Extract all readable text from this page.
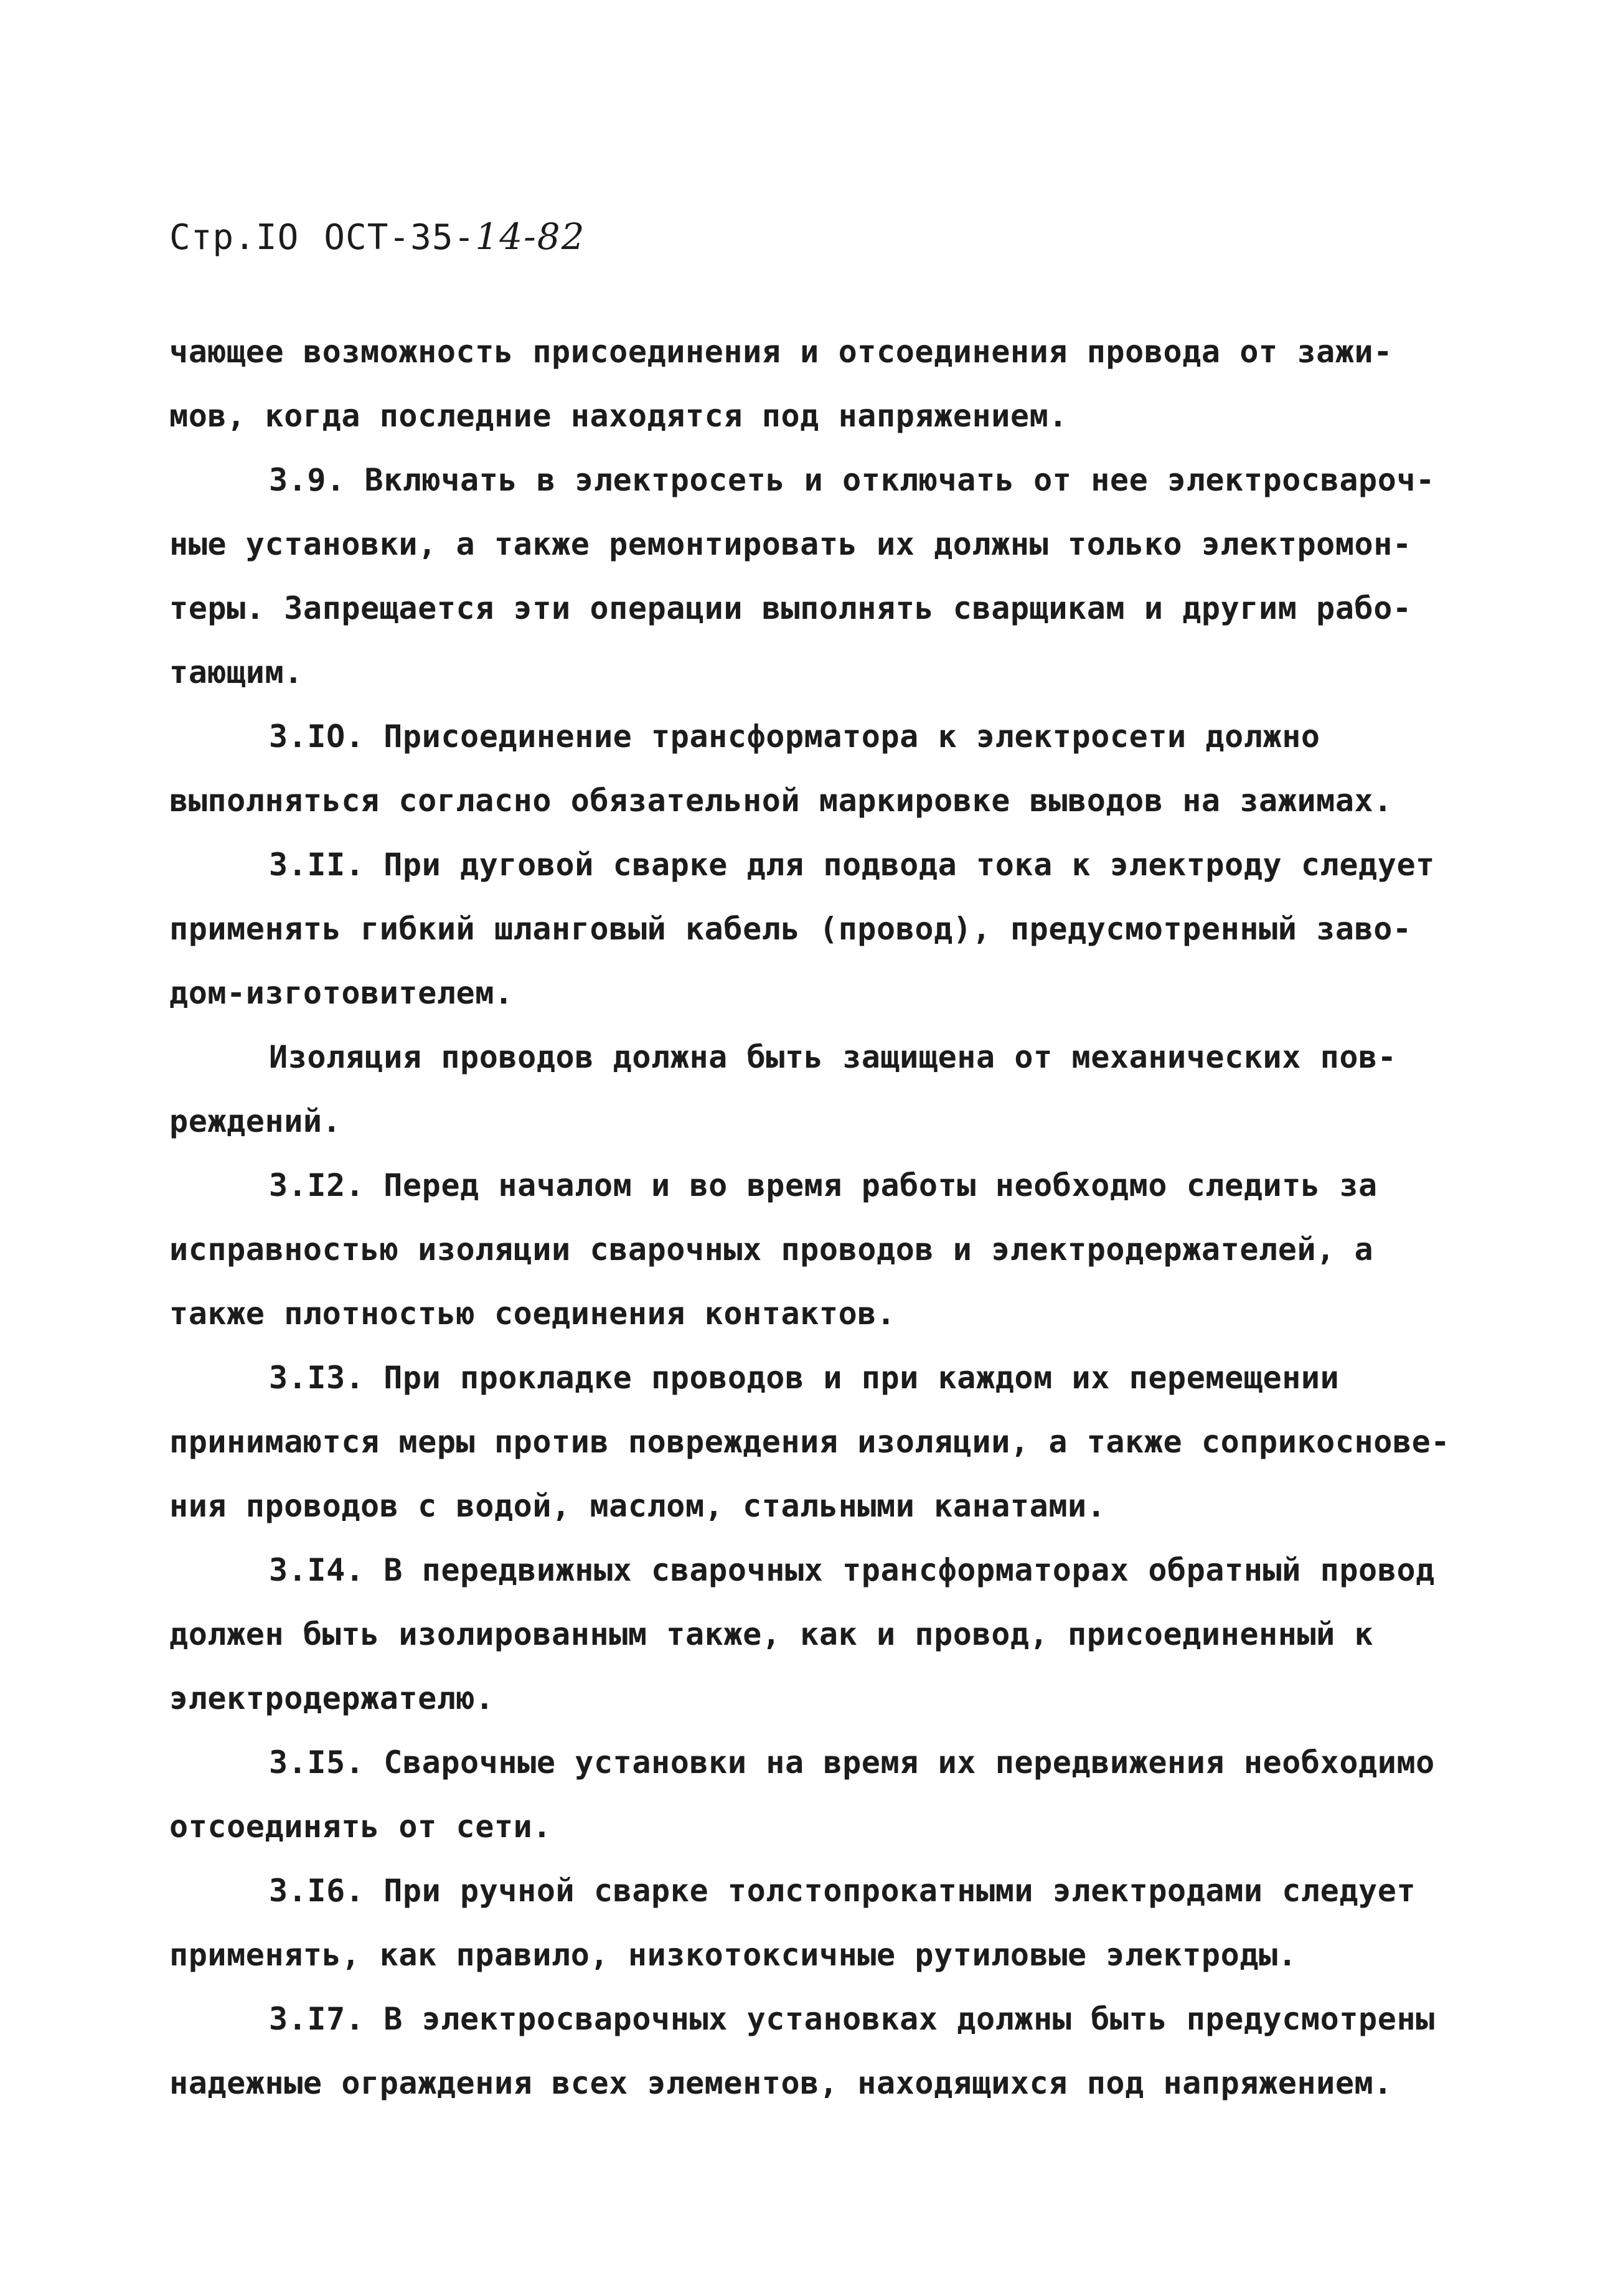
Стр.IO ОСТ-35-14-82
чающее возможность присоединения и отсоединения провода от зажи-
мов, когда последние находятся под напряжением.
3.9. Включать в электросеть и отключать от нее электросвароч-
ные установки, а также ремонтировать их должны только электромон-
теры. Запрещается эти операции выполнять сварщикам и другим рабо-
тающим.
3.IO. Присоединение трансформатора к электросети должно
выполняться согласно обязательной маркировке выводов на зажимах.
3.II. При дуговой сварке для подвода тока к электроду следует
применять гибкий шланговый кабель (провод), предусмотренный заво-
дом-изготовителем.
Изоляция проводов должна быть защищена от механических пов-
реждений.
3.I2. Перед началом и во время работы необходмо следить за
исправностью изоляции сварочных проводов и электродержателей, а
также плотностью соединения контактов.
3.I3. При прокладке проводов и при каждом их перемещении
принимаются меры против повреждения изоляции, а также соприкоснове-
ния проводов с водой, маслом, стальными канатами.
3.I4. В передвижных сварочных трансформаторах обратный провод
должен быть изолированным также, как и провод, присоединенный к
электродержателю.
3.I5. Сварочные установки на время их передвижения необходимо
отсоединять от сети.
3.I6. При ручной сварке толстопрокатными электродами следует
применять, как правило, низкотоксичные рутиловые электроды.
3.I7. В электросварочных установках должны быть предусмотрены
надежные ограждения всех элементов, находящихся под напряжением.
